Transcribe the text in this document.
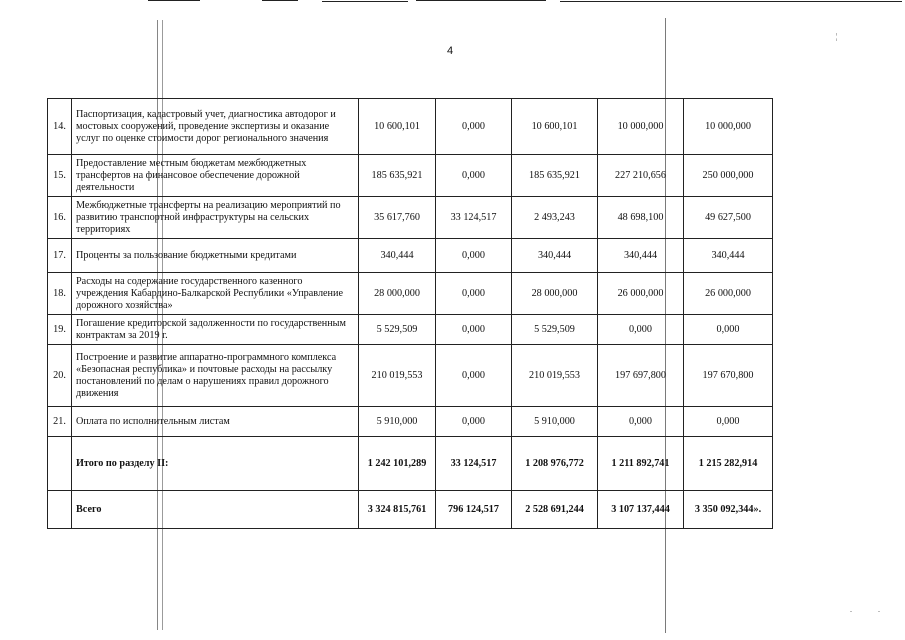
¦
.	.
4
14.	Паспортизация, кадастровый учет, диагностика автодорог и мостовых сооружений, проведение экспертизы и оказание услуг по оценке стоимости дорог регионального значения	10 600,101	0,000	10 600,101	10 000,000	10 000,000
15.	Предоставление местным бюджетам межбюджетных трансфертов на финансовое обеспечение дорожной деятельности	185 635,921	0,000	185 635,921	227 210,656	250 000,000
16.	Межбюджетные трансферты на реализацию мероприятий по развитию транспортной инфраструктуры на сельских территориях	35 617,760	33 124,517	2 493,243	48 698,100	49 627,500
17.	Проценты за пользование бюджетными кредитами	340,444	0,000	340,444	340,444	340,444
18.	Расходы на содержание государственного казенного учреждения Кабардино-Балкарской Республики «Управление дорожного хозяйства»	28 000,000	0,000	28 000,000	26 000,000	26 000,000
19.	Погашение кредиторской задолженности по государственным контрактам за 2019 г.	5 529,509	0,000	5 529,509	0,000	0,000
20.	Построение и развитие аппаратно-программного комплекса «Безопасная республика» и почтовые расходы на рассылку постановлений по делам о нарушениях правил дорожного движения	210 019,553	0,000	210 019,553	197 697,800	197 670,800
21.	Оплата по исполнительным листам	5 910,000	0,000	5 910,000	0,000	0,000
	Итого по разделу II:	1 242 101,289	33 124,517	1 208 976,772	1 211 892,741	1 215 282,914
	Всего	3 324 815,761	796 124,517	2 528 691,244	3 107 137,444	3 350 092,344».
